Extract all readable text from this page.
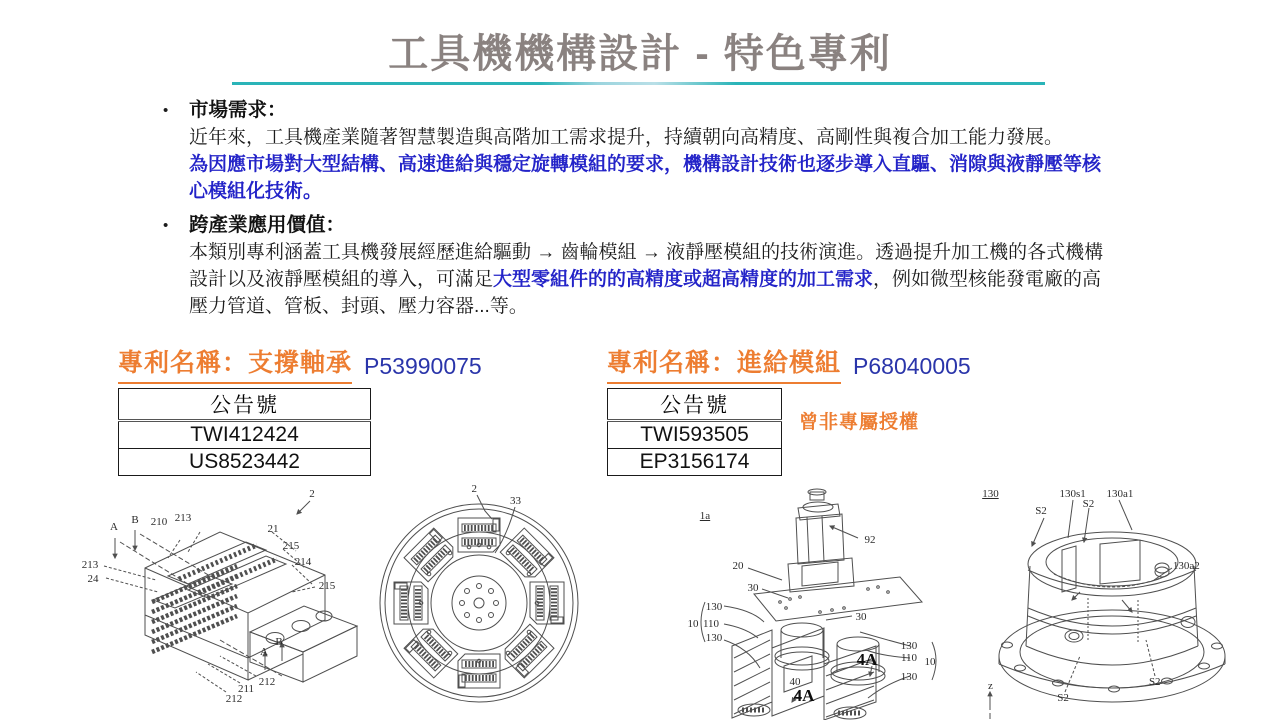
工具機機構設計 - 特色專利
•	市場需求：

近年來，工具機產業隨著智慧製造與高階加工需求提升，持續朝向高精度、高剛性與複合加工能力發展。
為因應市場對大型結構、高速進給與穩定旋轉模組的要求，機構設計技術也逐步導入直驅、消隙與液靜壓等核心模組化技術。

•	跨產業應用價值：

本類別專利涵蓋工具機發展經歷進給驅動 → 齒輪模組 → 液靜壓模組的技術演進。透過提升加工機的各式機構設計以及液靜壓模組的導入，可滿足大型零組件的的高精度或超高精度的加工需求，例如微型核能發電廠的高壓力管道、管板、封頭、壓力容器...等。

專利名稱：支撐軸承 P53990075	專利名稱：進給模組 P68040005
公告號
TWI412424
US8523442
公告號
TWI593505
EP3156174
曾非專屬授權
2
A
B 210 213
21
215
214
213
24
215
B
A
212
211
212
2
33
1a
92
20
30
130
10 110
130
30
130
110 10
130
4A
40
4A
130	130s1 130a1
S2
S2
130a2
S2
S2
z
